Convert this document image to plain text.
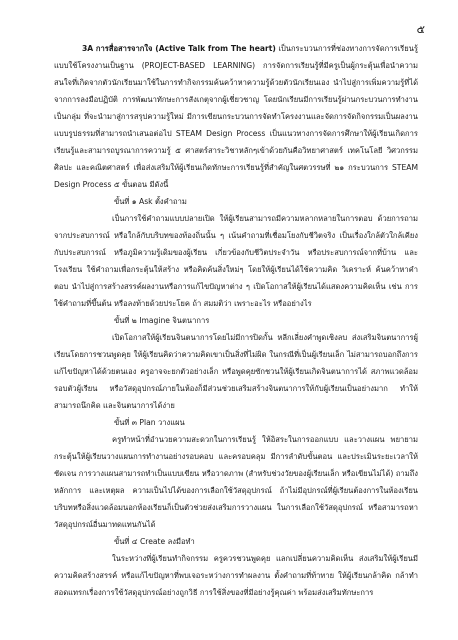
๕

3A การสื่อสารจากใจ (Active Talk from The heart) เป็นกระบวนการที่ช่องทางการจัดการเรียนรู้แบบใช้โครงงานเป็นฐาน (PROJECT-BASED LEARNING) การจัดการเรียนรู้ที่มีครูเป็นผู้กระตุ้นเพื่อนำความสนใจที่เกิดจากตัวนักเรียนมาใช้ในการทำกิจกรรมค้นคว้าหาความรู้ด้วยตัวนักเรียนเอง นำไปสู่การเพิ่มความรู้ที่ได้จากการลงมือปฏิบัติ การพัฒนาทักษะการสังเกตุจากผู้เชี่ยวชาญ โดยนักเรียนมีการเรียนรู้ผ่านกระบวนการทำงานเป็นกลุ่ม ที่จะนำมาสู่การสรุปความรู้ใหม่ มีการเขียนกระบวนการจัดทำโครงงานและจัดการจัดกิจกรรมเป็นผลงานแบบรูปธรรมที่สามารถนำเสนอต่อไป STEAM Design Process เป็นแนวทางการจัดการศึกษาให้ผู้เรียนเกิดการเรียนรู้และสามารถบูรณาการความรู้ ๕ ศาสตร์สาระวิชาหลักๆเข้าด้วยกันคือวิทยาศาสตร์ เทคโนโลยี วิศวกรรม ศิลปะ และคณิตศาสตร์ เพื่อส่งเสริมให้ผู้เรียนเกิดทักษะการเรียนรู้ที่สำคัญในศตวรรษที่ ๒๑ กระบวนการ STEAM Design Process ๕ ขั้นตอน มีดังนี้

ขั้นที่ ๑ Ask ตั้งคำถาม

เป็นการใช้คำถามแบบปลายเปิด ให้ผู้เรียนสามารถมีความหลากหลายในการตอบ ด้วยการถามจากประสบการณ์ หรือใกล้กับบริบทของท้องถิ่นนั้น ๆ เน้นคำถามที่เชื่อมโยงกับชีวิตจริง เป็นเรื่องใกล้ตัวใกล้เคียงกับประสบการณ์ หรือภูมิความรู้เดิมของผู้เรียน เกี่ยวข้องกับชีวิตประจำวัน หรือประสบการณ์จากที่บ้าน และโรงเรียน ใช้คำถามเพื่อกระตุ้นให้สร้าง หรือคิดค้นสิ่งใหม่ๆ โดยให้ผู้เรียนได้ใช้ความคิด วิเคราะห์ ค้นคว้าหาคำตอบ นำไปสู่การสร้างสรรค์ผลงานหรือการแก้ไขปัญหาต่าง ๆ เปิดโอกาสให้ผู้เรียนได้แสดงความคิดเห็น เช่น การใช้คำถามที่ขึ้นต้น หรือลงท้ายด้วยประโยค ถ้า สมมติว่า เพราะอะไร หรืออย่างไร

ขั้นที่ ๒ Imagine จินตนาการ

เปิดโอกาสให้ผู้เรียนจินตนาการโดยไม่มีการปิดกั้น หลีกเลี่ยงคำพูดเชิงลบ ส่งเสริมจินตนาการผู้เรียนโดยการชวนพูดคุย ให้ผู้เรียนคิดว่าความคิดเขาเป็นสิ่งที่ไม่ผิด ในกรณีที่เป็นผู้เรียนเล็ก ไม่สามารถบอกถึงการแก้ไขปัญหาได้ด้วยตนเอง ครูอาจจะยกตัวอย่างเล็ก หรือพูดคุยซักชวนให้ผู้เรียนเกิดจินตนาการได้ สภาพแวดล้อมรอบตัวผู้เรียน หรือวัสดุอุปกรณ์ภายในห้องก็มีส่วนช่วยเสริมสร้างจินตนาการให้กับผู้เรียนเป็นอย่างมาก ทำให้สามารถนึกคิด และจินตนาการได้ง่าย

ขั้นที่ ๓ Plan วางแผน

ครูทำหน้าที่อำนวยความสะดวกในการเรียนรู้ ให้อิสระในการออกแบบ และวางแผน พยายามกระตุ้นให้ผู้เรียนวางแผนการทำงานอย่างรอบคอบ และครอบคลุม มีการลำดับขั้นตอน และประเมินระยะเวลาให้ชัดเจน การวางแผนสามารถทำเป็นแบบเขียน หรือวาดภาพ (สำหรับช่วงวัยของผู้เรียนเล็ก หรือเขียนไม่ได้) ถามถึงหลักการ และเหตุผล ความเป็นไปได้ของการเลือกใช้วัสดุอุปกรณ์ ถ้าไม่มีอุปกรณ์ที่ผู้เรียนต้องการในห้องเรียน บริบทหรือสิ่งแวดล้อมนอกห้องเรียนก็เป็นตัวช่วยส่งเสริมการวางแผน ในการเลือกใช้วัสดุอุปกรณ์ หรือสามารถหาวัสดุอุปกรณ์อื่นมาทดแทนกันได้

ขั้นที่ ๔ Create ลงมือทำ

ในระหว่างที่ผู้เรียนทำกิจกรรม ครูควรชวนพูดคุย แลกเปลี่ยนความคิดเห็น ส่งเสริมให้ผู้เรียนมีความคิดสร้างสรรค์ หรือแก้ไขปัญหาที่พบเจอระหว่างการทำผลงาน ตั้งคำถามที่ท้าทาย ให้ผู้เรียนกล้าคิด กล้าทำ สอดแทรกเรื่องการใช้วัสดุอุปกรณ์อย่างถูกวิธี การใช้สิ่งของที่มีอย่างรู้คุณค่า พร้อมส่งเสริมทักษะการ
